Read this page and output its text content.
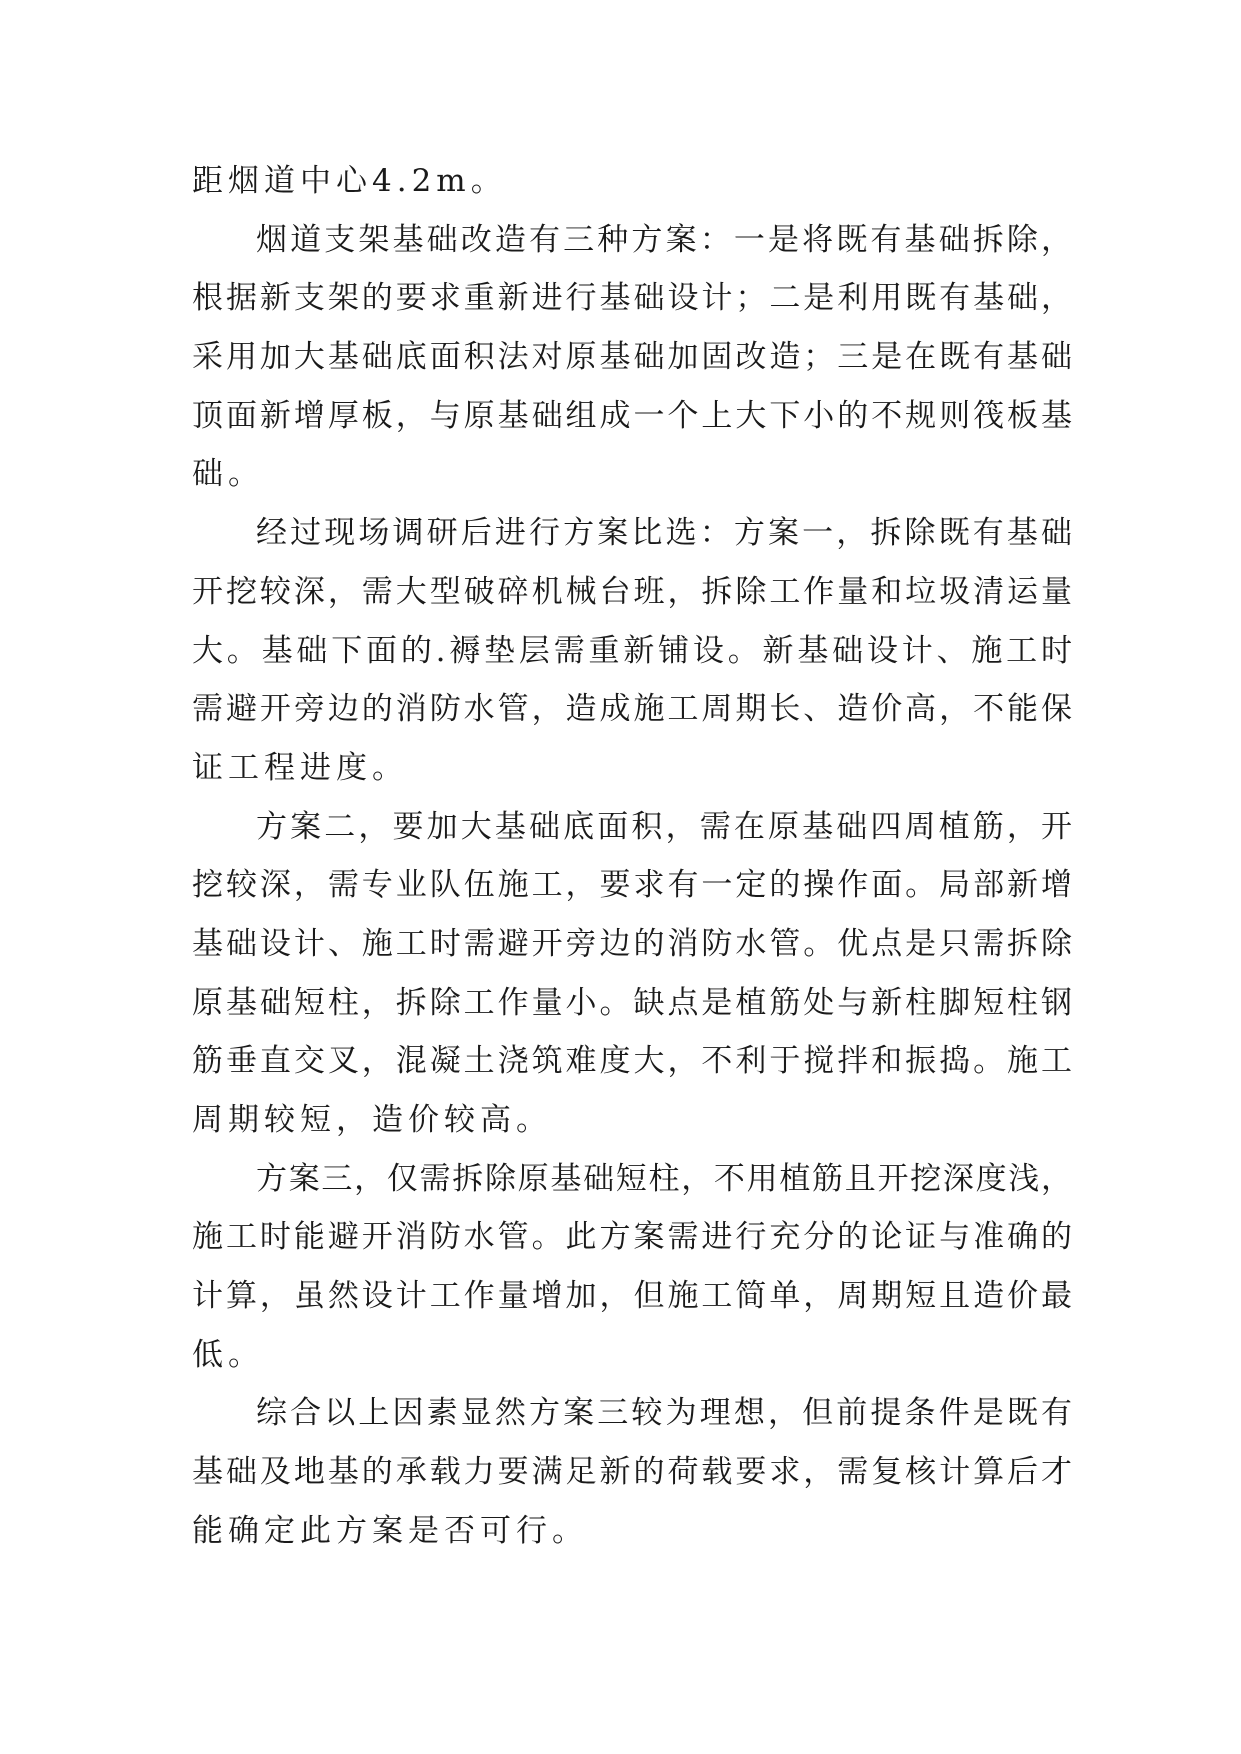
距烟道中心4.2m。
烟道支架基础改造有三种方案：一是将既有基础拆除，
根据新支架的要求重新进行基础设计；二是利用既有基础，
采用加大基础底面积法对原基础加固改造；三是在既有基础
顶面新增厚板，与原基础组成一个上大下小的不规则筏板基
础。
经过现场调研后进行方案比选：方案一，拆除既有基础
开挖较深，需大型破碎机械台班，拆除工作量和垃圾清运量
大。基础下面的.褥垫层需重新铺设。新基础设计、施工时
需避开旁边的消防水管，造成施工周期长、造价高，不能保
证工程进度。
方案二，要加大基础底面积，需在原基础四周植筋，开
挖较深，需专业队伍施工，要求有一定的操作面。局部新增
基础设计、施工时需避开旁边的消防水管。优点是只需拆除
原基础短柱，拆除工作量小。缺点是植筋处与新柱脚短柱钢
筋垂直交叉，混凝土浇筑难度大，不利于搅拌和振捣。施工
周期较短，造价较高。
方案三，仅需拆除原基础短柱，不用植筋且开挖深度浅，
施工时能避开消防水管。此方案需进行充分的论证与准确的
计算，虽然设计工作量增加，但施工简单，周期短且造价最
低。
综合以上因素显然方案三较为理想，但前提条件是既有
基础及地基的承载力要满足新的荷载要求，需复核计算后才
能确定此方案是否可行。
